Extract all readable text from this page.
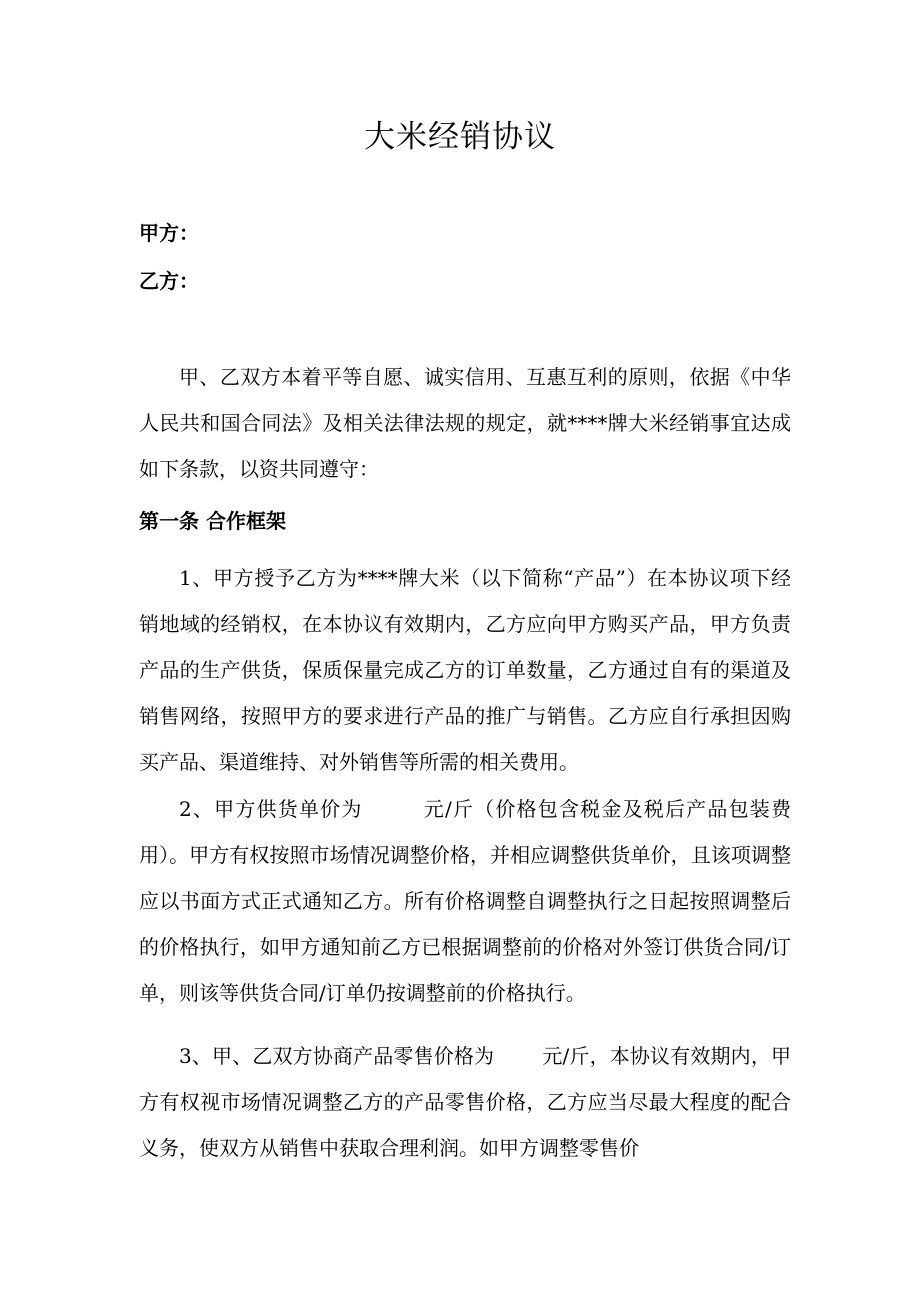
大米经销协议
甲方：
乙方：

甲、乙双方本着平等自愿、诚实信用、互惠互利的原则，依据《中华人民共和国合同法》及相关法律法规的规定，就****牌大米经销事宜达成如下条款，以资共同遵守：

第一条 合作框架

1、甲方授予乙方为****牌大米（以下简称“产品”）在本协议项下经销地域的经销权，在本协议有效期内，乙方应向甲方购买产品，甲方负责产品的生产供货，保质保量完成乙方的订单数量，乙方通过自有的渠道及销售网络，按照甲方的要求进行产品的推广与销售。乙方应自行承担因购买产品、渠道维持、对外销售等所需的相关费用。

2、甲方供货单价为	元/斤（价格包含税金及税后产品包装费用）。甲方有权按照市场情况调整价格，并相应调整供货单价，且该项调整应以书面方式正式通知乙方。所有价格调整自调整执行之日起按照调整后的价格执行，如甲方通知前乙方已根据调整前的价格对外签订供货合同/订单，则该等供货合同/订单仍按调整前的价格执行。

3、甲、乙双方协商产品零售价格为 元/斤，本协议有效期内，甲方有权视市场情况调整乙方的产品零售价格，乙方应当尽最大程度的配合义务，使双方从销售中获取合理利润。如甲方调整零售价
